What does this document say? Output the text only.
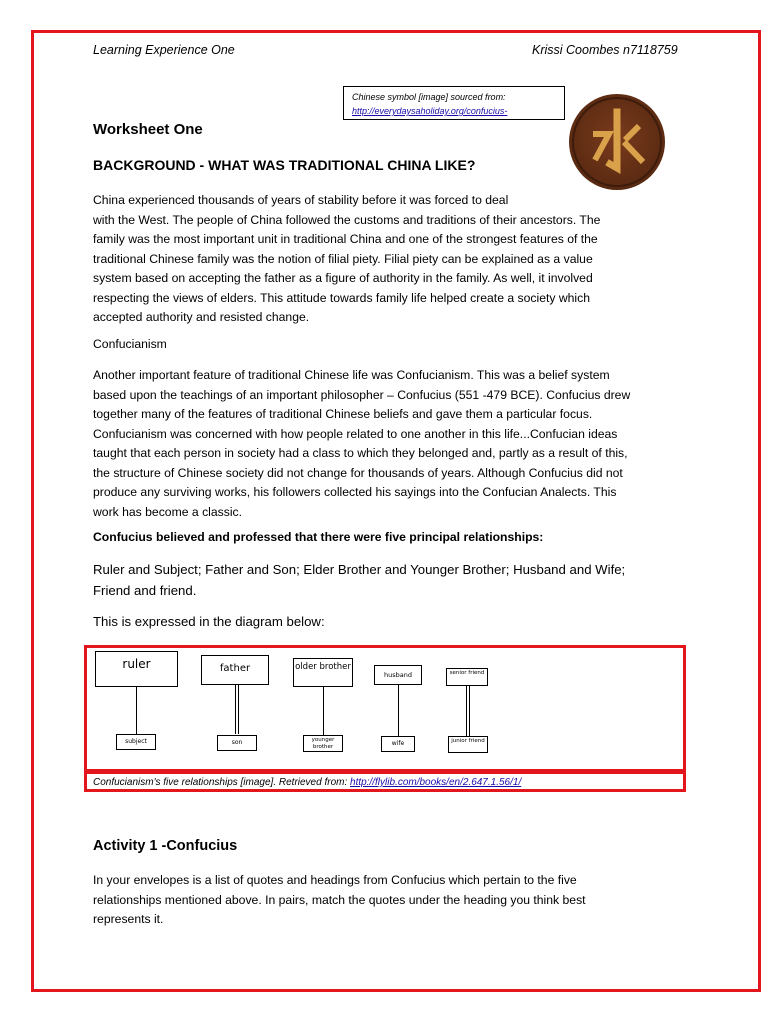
Learning Experience One	Krissi Coombes n7118759
Chinese symbol [image] sourced from:
http://everydaysaholiday.org/confucius-
Worksheet One
BACKGROUND - WHAT WAS TRADITIONAL CHINA LIKE?
China experienced thousands of years of stability before it was forced to deal
with the West. The people of China followed the customs and traditions of their ancestors. The
family was the most important unit in traditional China and one of the strongest features of the
traditional Chinese family was the notion of filial piety. Filial piety can be explained as a value
system based on accepting the father as a figure of authority in the family. As well, it involved
respecting the views of elders. This attitude towards family life helped create a society which
accepted authority and resisted change.
Confucianism
Another important feature of traditional Chinese life was Confucianism. This was a belief system
based upon the teachings of an important philosopher – Confucius (551 -479 BCE). Confucius drew
together many of the features of traditional Chinese beliefs and gave them a particular focus.
Confucianism was concerned with how people related to one another in this life...Confucian ideas
taught that each person in society had a class to which they belonged and, partly as a result of this,
the structure of Chinese society did not change for thousands of years. Although Confucius did not
produce any surviving works, his followers collected his sayings into the Confucian Analects. This
work has become a classic.
Confucius believed and professed that there were five principal relationships:
Ruler and Subject; Father and Son; Elder Brother and Younger Brother; Husband and Wife;
Friend and friend.
This is expressed in the diagram below:
ruler
subject
father
son
older brother
younger brother
husband
wife
senior friend
junior friend
Confucianism's five relationships [image]. Retrieved from: http://flylib.com/books/en/2.647.1.56/1/
Activity 1 -Confucius
In your envelopes is a list of quotes and headings from Confucius which pertain to the five
relationships mentioned above. In pairs, match the quotes under the heading you think best
represents it.
